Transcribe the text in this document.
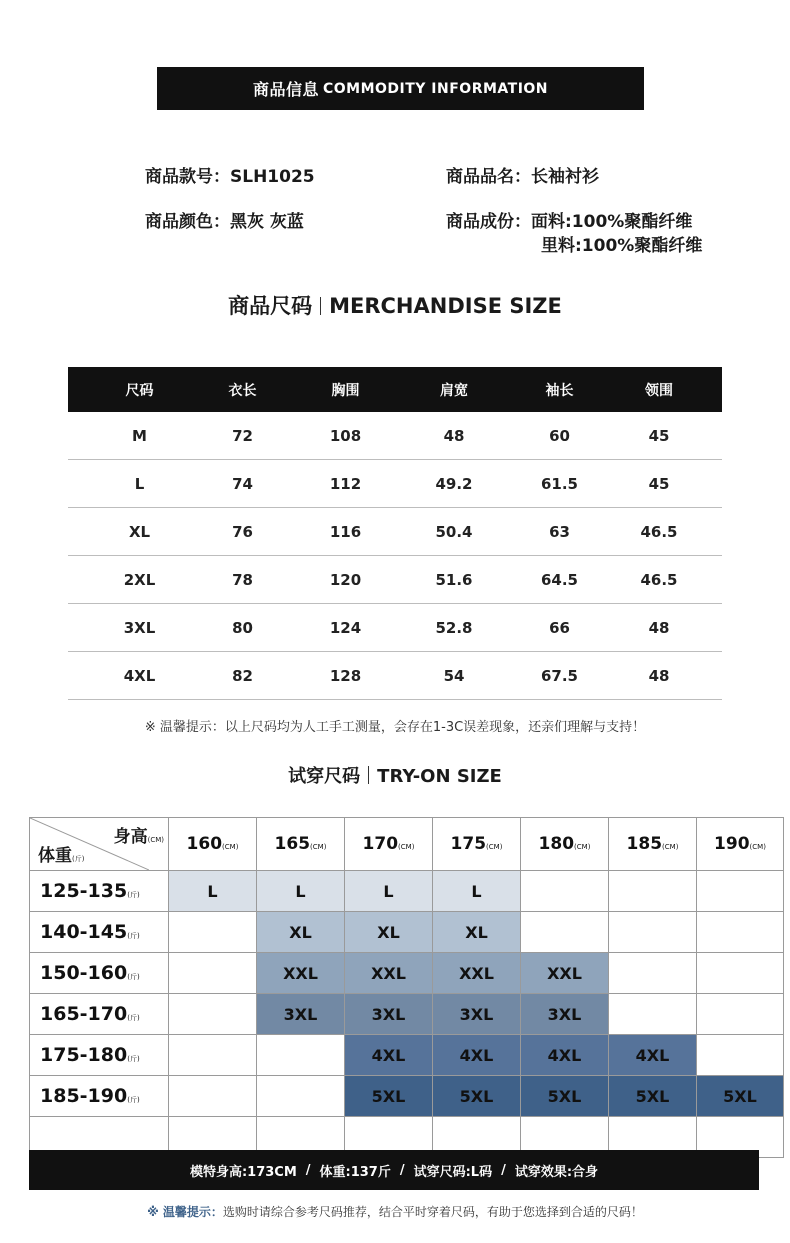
商品信息 COMMODITY INFORMATION
商品款号：SLH1025	商品品名：长袖衬衫
商品颜色：黑灰 灰蓝	商品成份：面料:100%聚酯纤维
里料:100%聚酯纤维
商品尺码 MERCHANDISE SIZE
尺码	衣长	胸围	肩宽	袖长	领围
M	72	108	48	60	45
L	74	112	49.2	61.5	45
XL	76	116	50.4	63	46.5
2XL	78	120	51.6	64.5	46.5
3XL	80	124	52.8	66	48
4XL	82	128	54	67.5	48
※ 温馨提示：以上尺码均为人工手工测量，会存在1-3C误差现象，还亲们理解与支持！
试穿尺码 TRY-ON SIZE
身高(CM)
体重(斤)	160(CM)	165(CM)	170(CM)	175(CM)	180(CM)	185(CM)	190(CM)
125-135(斤)	L	L	L	L			
140-145(斤)		XL	XL	XL			
150-160(斤)		XXL	XXL	XXL	XXL		
165-170(斤)		3XL	3XL	3XL	3XL		
175-180(斤)			4XL	4XL	4XL	4XL	
185-190(斤)			5XL	5XL	5XL	5XL	5XL

模特身高:173CM / 体重:137斤 / 试穿尺码:L码 / 试穿效果:合身
※ 温馨提示：选购时请综合参考尺码推荐，结合平时穿着尺码，有助于您选择到合适的尺码！
